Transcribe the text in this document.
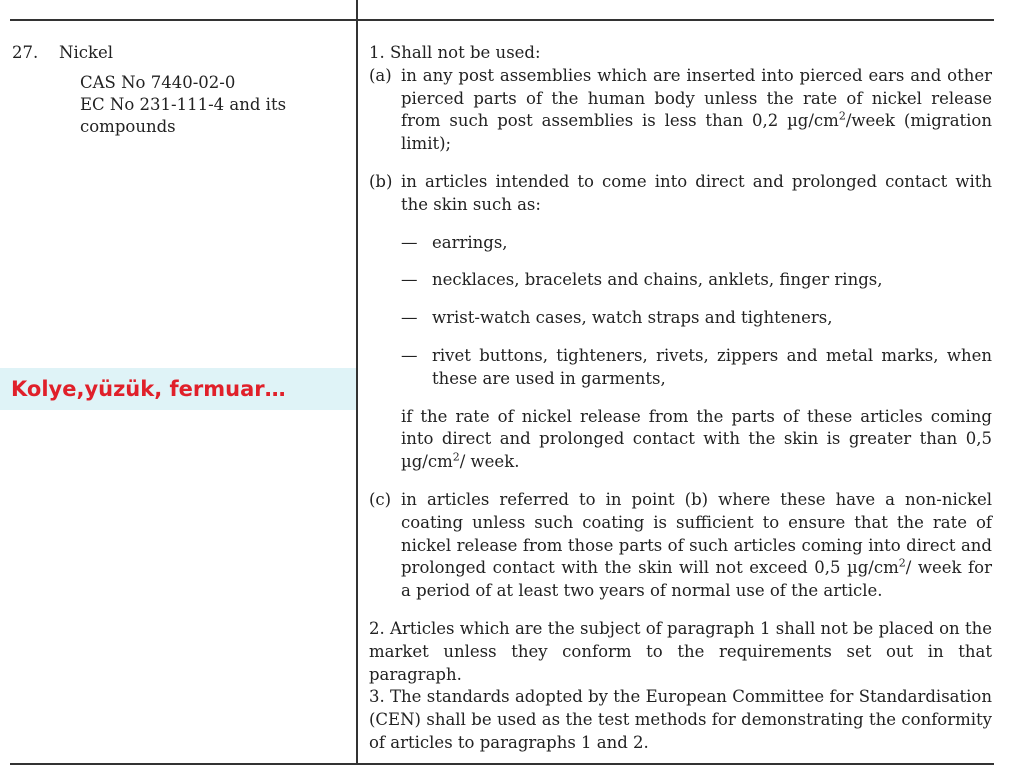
27.	Nickel
CAS No 7440-02-0
EC No 231-111-4 and its
compounds
Kolye,yüzük, fermuar…

1. Shall not be used:

(a) in any post assemblies which are inserted into pierced ears and other pierced parts of the human body unless the rate of nickel release from such post assemblies is less than 0,2 $\mu g/cm^2$/week (migration limit);
(b) in articles intended to come into direct and prolonged contact with the skin such as:
— earrings,
— necklaces, bracelets and chains, anklets, finger rings,
— wrist-watch cases, watch straps and tighteners,
— rivet buttons, tighteners, rivets, zippers and metal marks, when these are used in garments,
if the rate of nickel release from the parts of these articles coming into direct and prolonged contact with the skin is greater than 0,5 $\mu g/cm^2/$ week.
(c) in articles referred to in point (b) where these have a non-nickel coating unless such coating is sufficient to ensure that the rate of nickel release from those parts of such articles coming into direct and prolonged contact with the skin will not exceed 0,5 $\mu g/cm^2/$ week for a period of at least two years of normal use of the article.

2. Articles which are the subject of paragraph 1 shall not be placed on the market unless they conform to the requirements set out in that paragraph.

3. The standards adopted by the European Committee for Standardisation (CEN) shall be used as the test methods for demonstrating the conformity of articles to paragraphs 1 and 2.
